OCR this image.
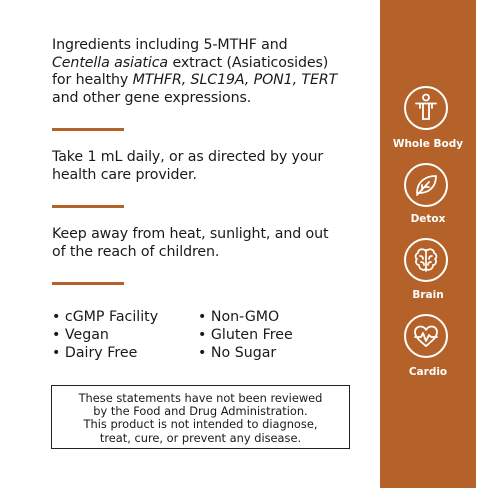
Ingredients including 5-MTHF and
Centella asiatica extract (Asiaticosides)
for healthy MTHFR, SLC19A, PON1, TERT
and other gene expressions.
Take 1 mL daily, or as directed by your
health care provider.
Keep away from heat, sunlight, and out
of the reach of children.
• cGMP Facility	• Non-GMO
• Vegan	• Gluten Free
• Dairy Free	• No Sugar
These statements have not been reviewed
by the Food and Drug Administration.
This product is not intended to diagnose,
treat, cure, or prevent any disease.
Whole Body
Detox
Brain
Cardio
